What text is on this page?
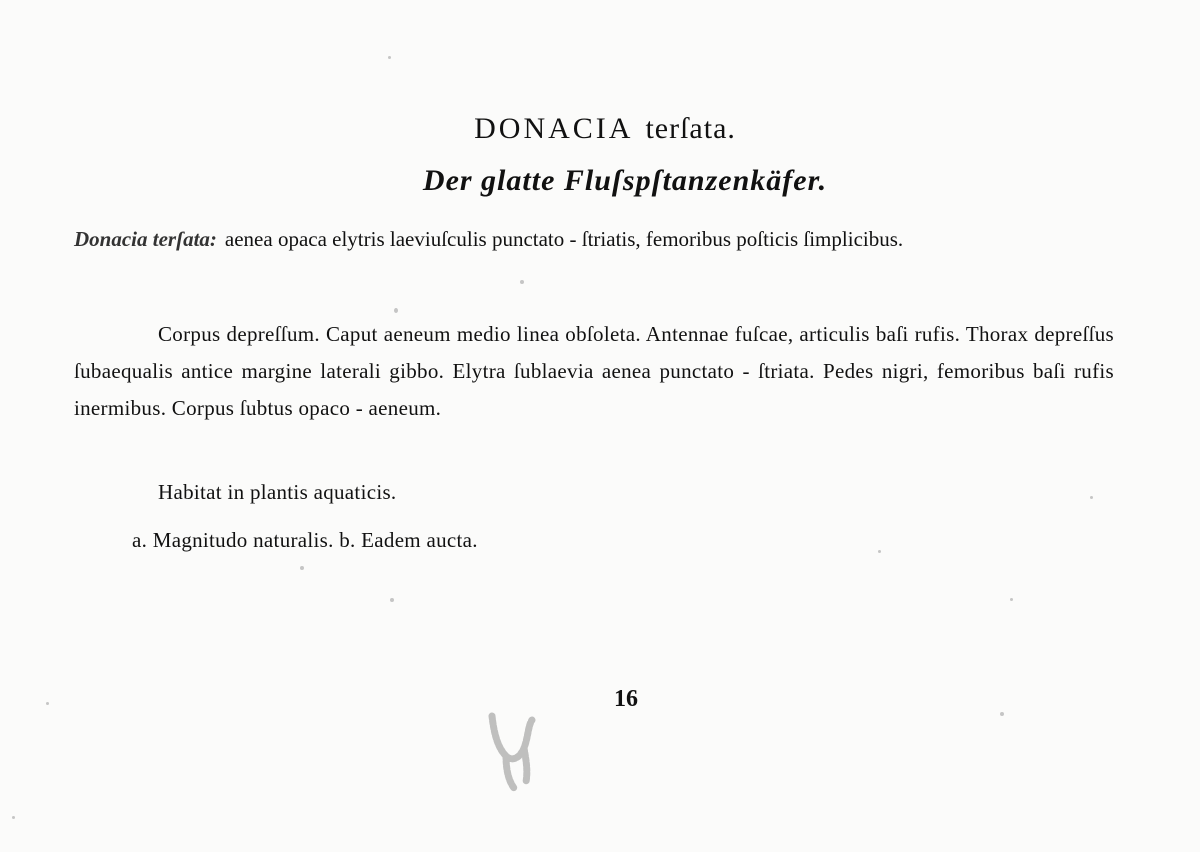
DONACIA terſata.
Der glatte Fluſspſtanzenkäfer.
Donacia terſata: aenea opaca elytris laeviuſculis punctato - ſtriatis, femoribus poſticis ſimplicibus.
Corpus depreſſum. Caput aeneum medio linea obſoleta. Antennae fuſcae, articulis baſi rufis. Thorax depreſſus ſubaequalis antice margine laterali gibbo. Elytra ſublaevia aenea punctato - ſtriata. Pedes nigri, femoribus baſi rufis inermibus. Corpus ſubtus opaco - aeneum.
Habitat in plantis aquaticis.
a. Magnitudo naturalis. b. Eadem aucta.
16
